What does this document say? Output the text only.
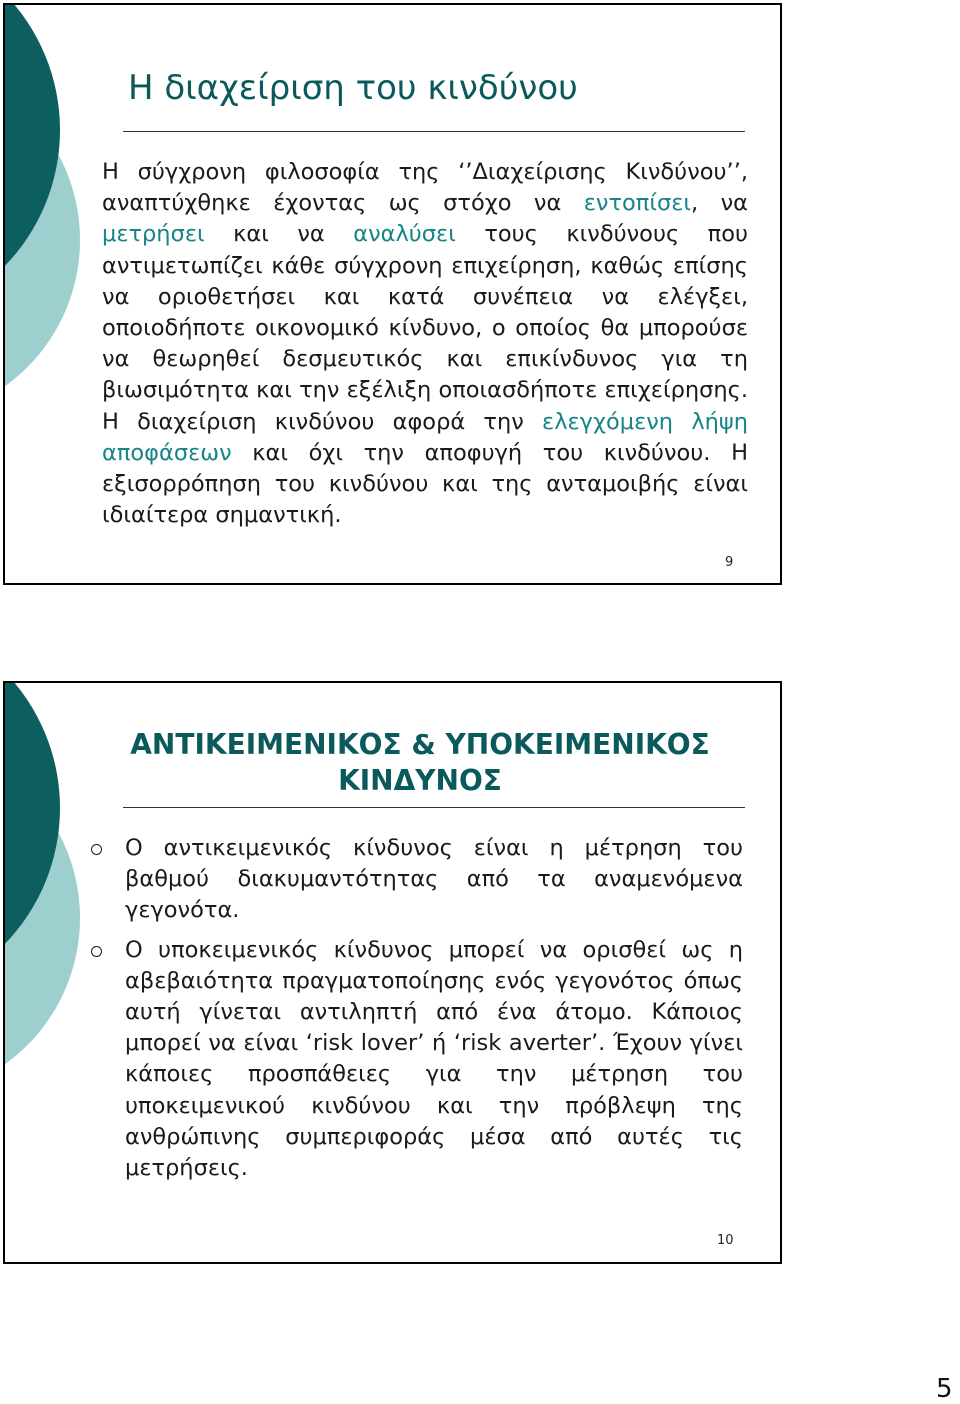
Η διαχείριση του κινδύνου

Η σύγχρονη φιλοσοφία της ‘’Διαχείρισης Κινδύνου’’, αναπτύχθηκε έχοντας ως στόχο να εντοπίσει, να μετρήσει και να αναλύσει τους κινδύνους που αντιμετωπίζει κάθε σύγχρονη επιχείρηση, καθώς επίσης να οριοθετήσει και κατά συνέπεια να ελέγξει, οποιοδήποτε οικονομικό κίνδυνο, ο οποίος θα μπορούσε να θεωρηθεί δεσμευτικός και επικίνδυνος για τη βιωσιμότητα και την εξέλιξη οποιασδήποτε επιχείρησης. Η διαχείριση κινδύνου αφορά την ελεγχόμενη λήψη αποφάσεων και όχι την αποφυγή του κινδύνου. Η εξισορρόπηση του κινδύνου και της ανταμοιβής είναι ιδιαίτερα σημαντική.

9
ΑΝΤΙΚΕΙΜΕΝΙΚΟΣ & ΥΠΟΚΕΙΜΕΝΙΚΟΣ ΚΙΝΔΥΝΟΣ
Ο αντικειμενικός κίνδυνος είναι η μέτρηση του βαθμού διακυμαντότητας από τα αναμενόμενα γεγονότα.
Ο υποκειμενικός κίνδυνος μπορεί να ορισθεί ως η αβεβαιότητα πραγματοποίησης ενός γεγονότος όπως αυτή γίνεται αντιληπτή από ένα άτομο. Κάποιος μπορεί να είναι ‘risk lover’ ή ‘risk averter’. Έχουν γίνει κάποιες προσπάθειες για την μέτρηση του υποκειμενικού κινδύνου και την πρόβλεψη της ανθρώπινης συμπεριφοράς μέσα από αυτές τις μετρήσεις.
10
5
